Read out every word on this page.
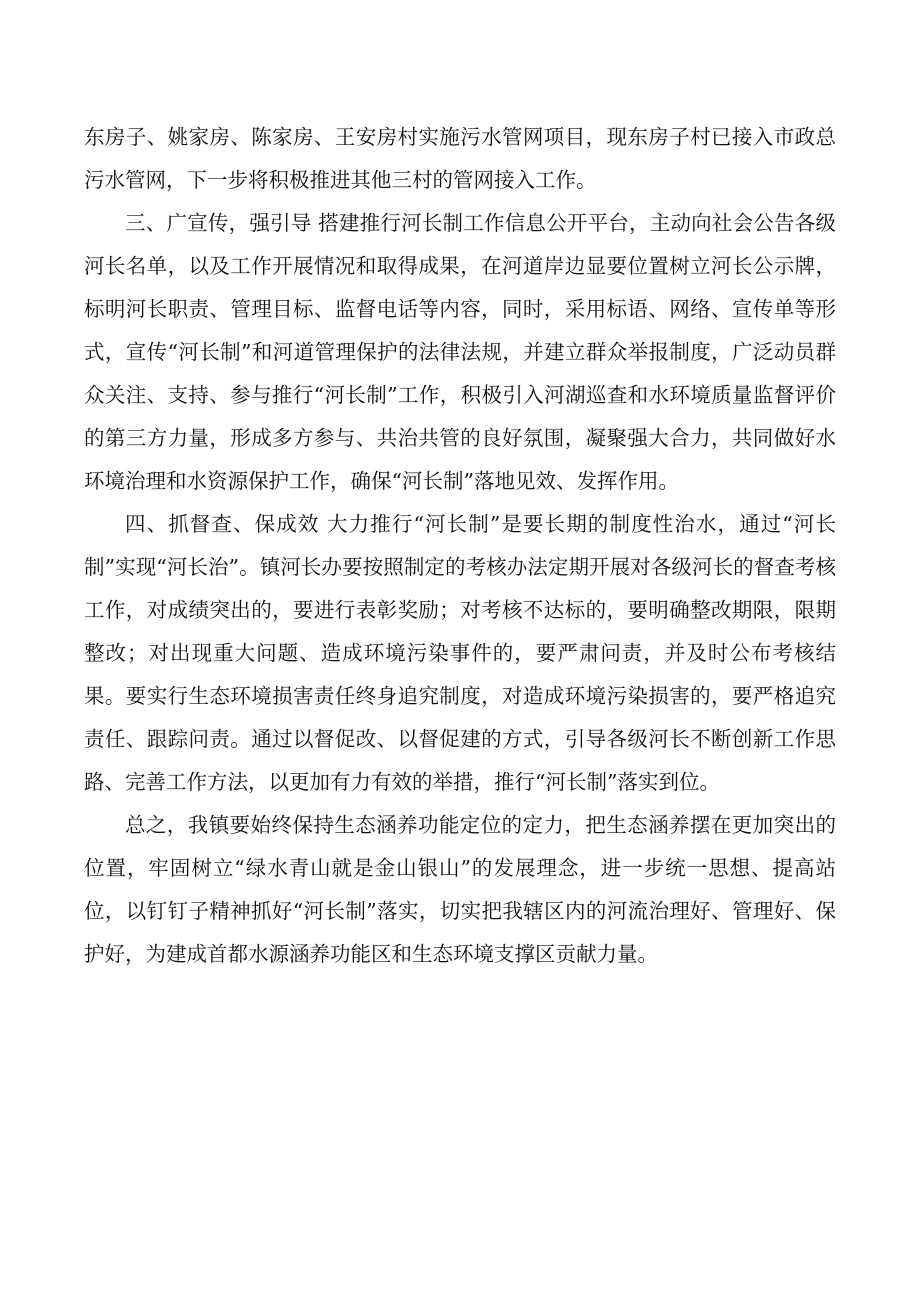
东房子、姚家房、陈家房、王安房村实施污水管网项目，现东房子村已接入市政总污水管网，下一步将积极推进其他三村的管网接入工作。

三、广宣传，强引导 搭建推行河长制工作信息公开平台，主动向社会公告各级河长名单，以及工作开展情况和取得成果，在河道岸边显要位置树立河长公示牌，标明河长职责、管理目标、监督电话等内容，同时，采用标语、网络、宣传单等形式，宣传“河长制”和河道管理保护的法律法规，并建立群众举报制度，广泛动员群众关注、支持、参与推行“河长制”工作，积极引入河湖巡查和水环境质量监督评价的第三方力量，形成多方参与、共治共管的良好氛围，凝聚强大合力，共同做好水环境治理和水资源保护工作，确保“河长制”落地见效、发挥作用。

四、抓督查、保成效 大力推行“河长制”是要长期的制度性治水，通过“河长制”实现“河长治”。镇河长办要按照制定的考核办法定期开展对各级河长的督查考核工作，对成绩突出的，要进行表彰奖励；对考核不达标的，要明确整改期限，限期整改；对出现重大问题、造成环境污染事件的，要严肃问责，并及时公布考核结果。要实行生态环境损害责任终身追究制度，对造成环境污染损害的，要严格追究责任、跟踪问责。通过以督促改、以督促建的方式，引导各级河长不断创新工作思路、完善工作方法，以更加有力有效的举措，推行“河长制”落实到位。

总之，我镇要始终保持生态涵养功能定位的定力，把生态涵养摆在更加突出的位置，牢固树立“绿水青山就是金山银山”的发展理念，进一步统一思想、提高站位，以钉钉子精神抓好“河长制”落实，切实把我辖区内的河流治理好、管理好、保护好，为建成首都水源涵养功能区和生态环境支撑区贡献力量。
